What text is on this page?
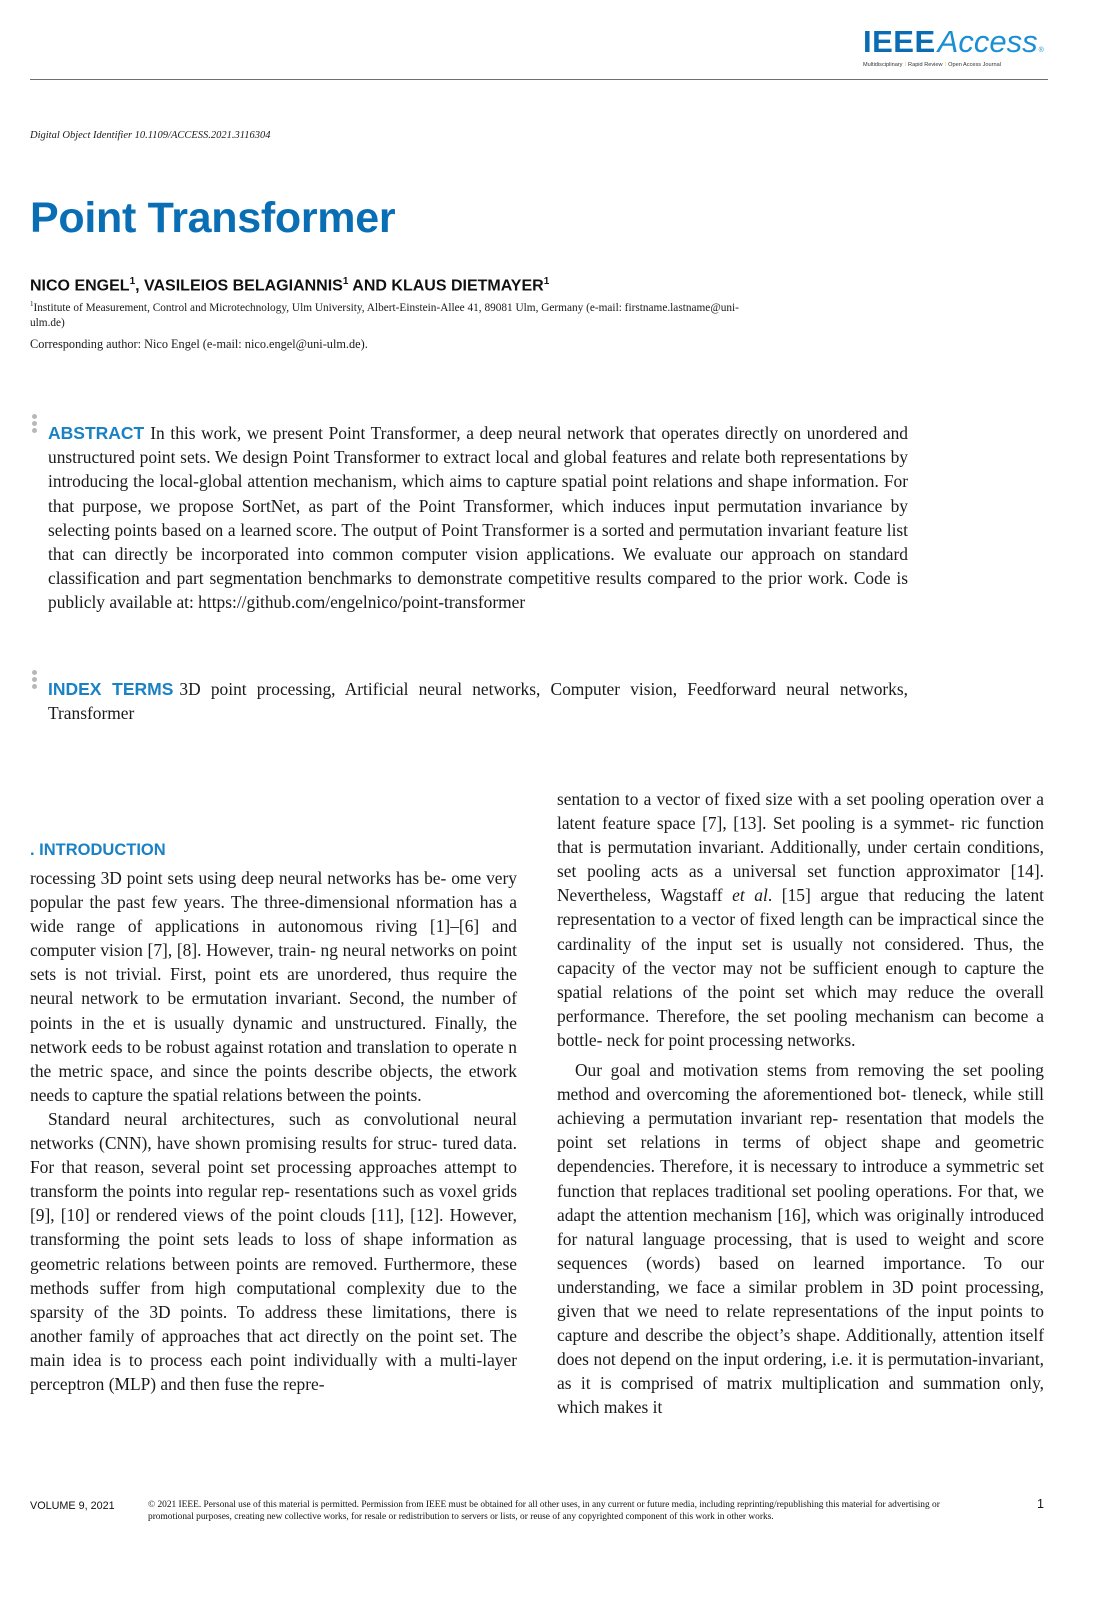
IEEE Access ®
Multidisciplinary ⁞ Rapid Review ⁞ Open Access Journal
Digital Object Identifier 10.1109/ACCESS.2021.3116304
Point Transformer
NICO ENGEL$^1$, VASILEIOS BELAGIANNIS$^1$ AND KLAUS DIETMAYER$^1$
$^1$Institute of Measurement, Control and Microtechnology, Ulm University, Albert-Einstein-Allee 41, 89081 Ulm, Germany (e-mail: firstname.lastname@uni-ulm.de)
Corresponding author: Nico Engel (e-mail: nico.engel@uni-ulm.de).
ABSTRACT In this work, we present Point Transformer, a deep neural network that operates directly on unordered and unstructured point sets. We design Point Transformer to extract local and global features and relate both representations by introducing the local-global attention mechanism, which aims to capture spatial point relations and shape information. For that purpose, we propose SortNet, as part of the Point Transformer, which induces input permutation invariance by selecting points based on a learned score. The output of Point Transformer is a sorted and permutation invariant feature list that can directly be incorporated into common computer vision applications. We evaluate our approach on standard classification and part segmentation benchmarks to demonstrate competitive results compared to the prior work. Code is publicly available at: https://github.com/engelnico/point-transformer
INDEX TERMS 3D point processing, Artificial neural networks, Computer vision, Feedforward neural networks, Transformer
. INTRODUCTION

rocessing 3D point sets using deep neural networks has be- ome very popular the past few years. The three-dimensional nformation has a wide range of applications in autonomous riving [1]–[6] and computer vision [7], [8]. However, train- ng neural networks on point sets is not trivial. First, point ets are unordered, thus require the neural network to be ermutation invariant. Second, the number of points in the et is usually dynamic and unstructured. Finally, the network eeds to be robust against rotation and translation to operate n the metric space, and since the points describe objects, the etwork needs to capture the spatial relations between the points.

Standard neural architectures, such as convolutional neural networks (CNN), have shown promising results for struc- tured data. For that reason, several point set processing approaches attempt to transform the points into regular rep- resentations such as voxel grids [9], [10] or rendered views of the point clouds [11], [12]. However, transforming the point sets leads to loss of shape information as geometric relations between points are removed. Furthermore, these methods suffer from high computational complexity due to the sparsity of the 3D points. To address these limitations, there is another family of approaches that act directly on the point set. The main idea is to process each point individually with a multi-layer perceptron (MLP) and then fuse the repre-

sentation to a vector of fixed size with a set pooling operation over a latent feature space [7], [13]. Set pooling is a symmet- ric function that is permutation invariant. Additionally, under certain conditions, set pooling acts as a universal set function approximator [14]. Nevertheless, Wagstaff et al. [15] argue that reducing the latent representation to a vector of fixed length can be impractical since the cardinality of the input set is usually not considered. Thus, the capacity of the vector may not be sufficient enough to capture the spatial relations of the point set which may reduce the overall performance. Therefore, the set pooling mechanism can become a bottle- neck for point processing networks.

Our goal and motivation stems from removing the set pooling method and overcoming the aforementioned bot- tleneck, while still achieving a permutation invariant rep- resentation that models the point set relations in terms of object shape and geometric dependencies. Therefore, it is necessary to introduce a symmetric set function that replaces traditional set pooling operations. For that, we adapt the attention mechanism [16], which was originally introduced for natural language processing, that is used to weight and score sequences (words) based on learned importance. To our understanding, we face a similar problem in 3D point processing, given that we need to relate representations of the input points to capture and describe the object’s shape. Additionally, attention itself does not depend on the input ordering, i.e. it is permutation-invariant, as it is comprised of matrix multiplication and summation only, which makes it

VOLUME 9, 2021	© 2021 IEEE. Personal use of this material is permitted. Permission from IEEE must be obtained for all other uses, in any current or future media, including reprinting/republishing this material for advertising or promotional purposes, creating new collective works, for resale or redistribution to servers or lists, or reuse of any copyrighted component of this work in other works.
1
